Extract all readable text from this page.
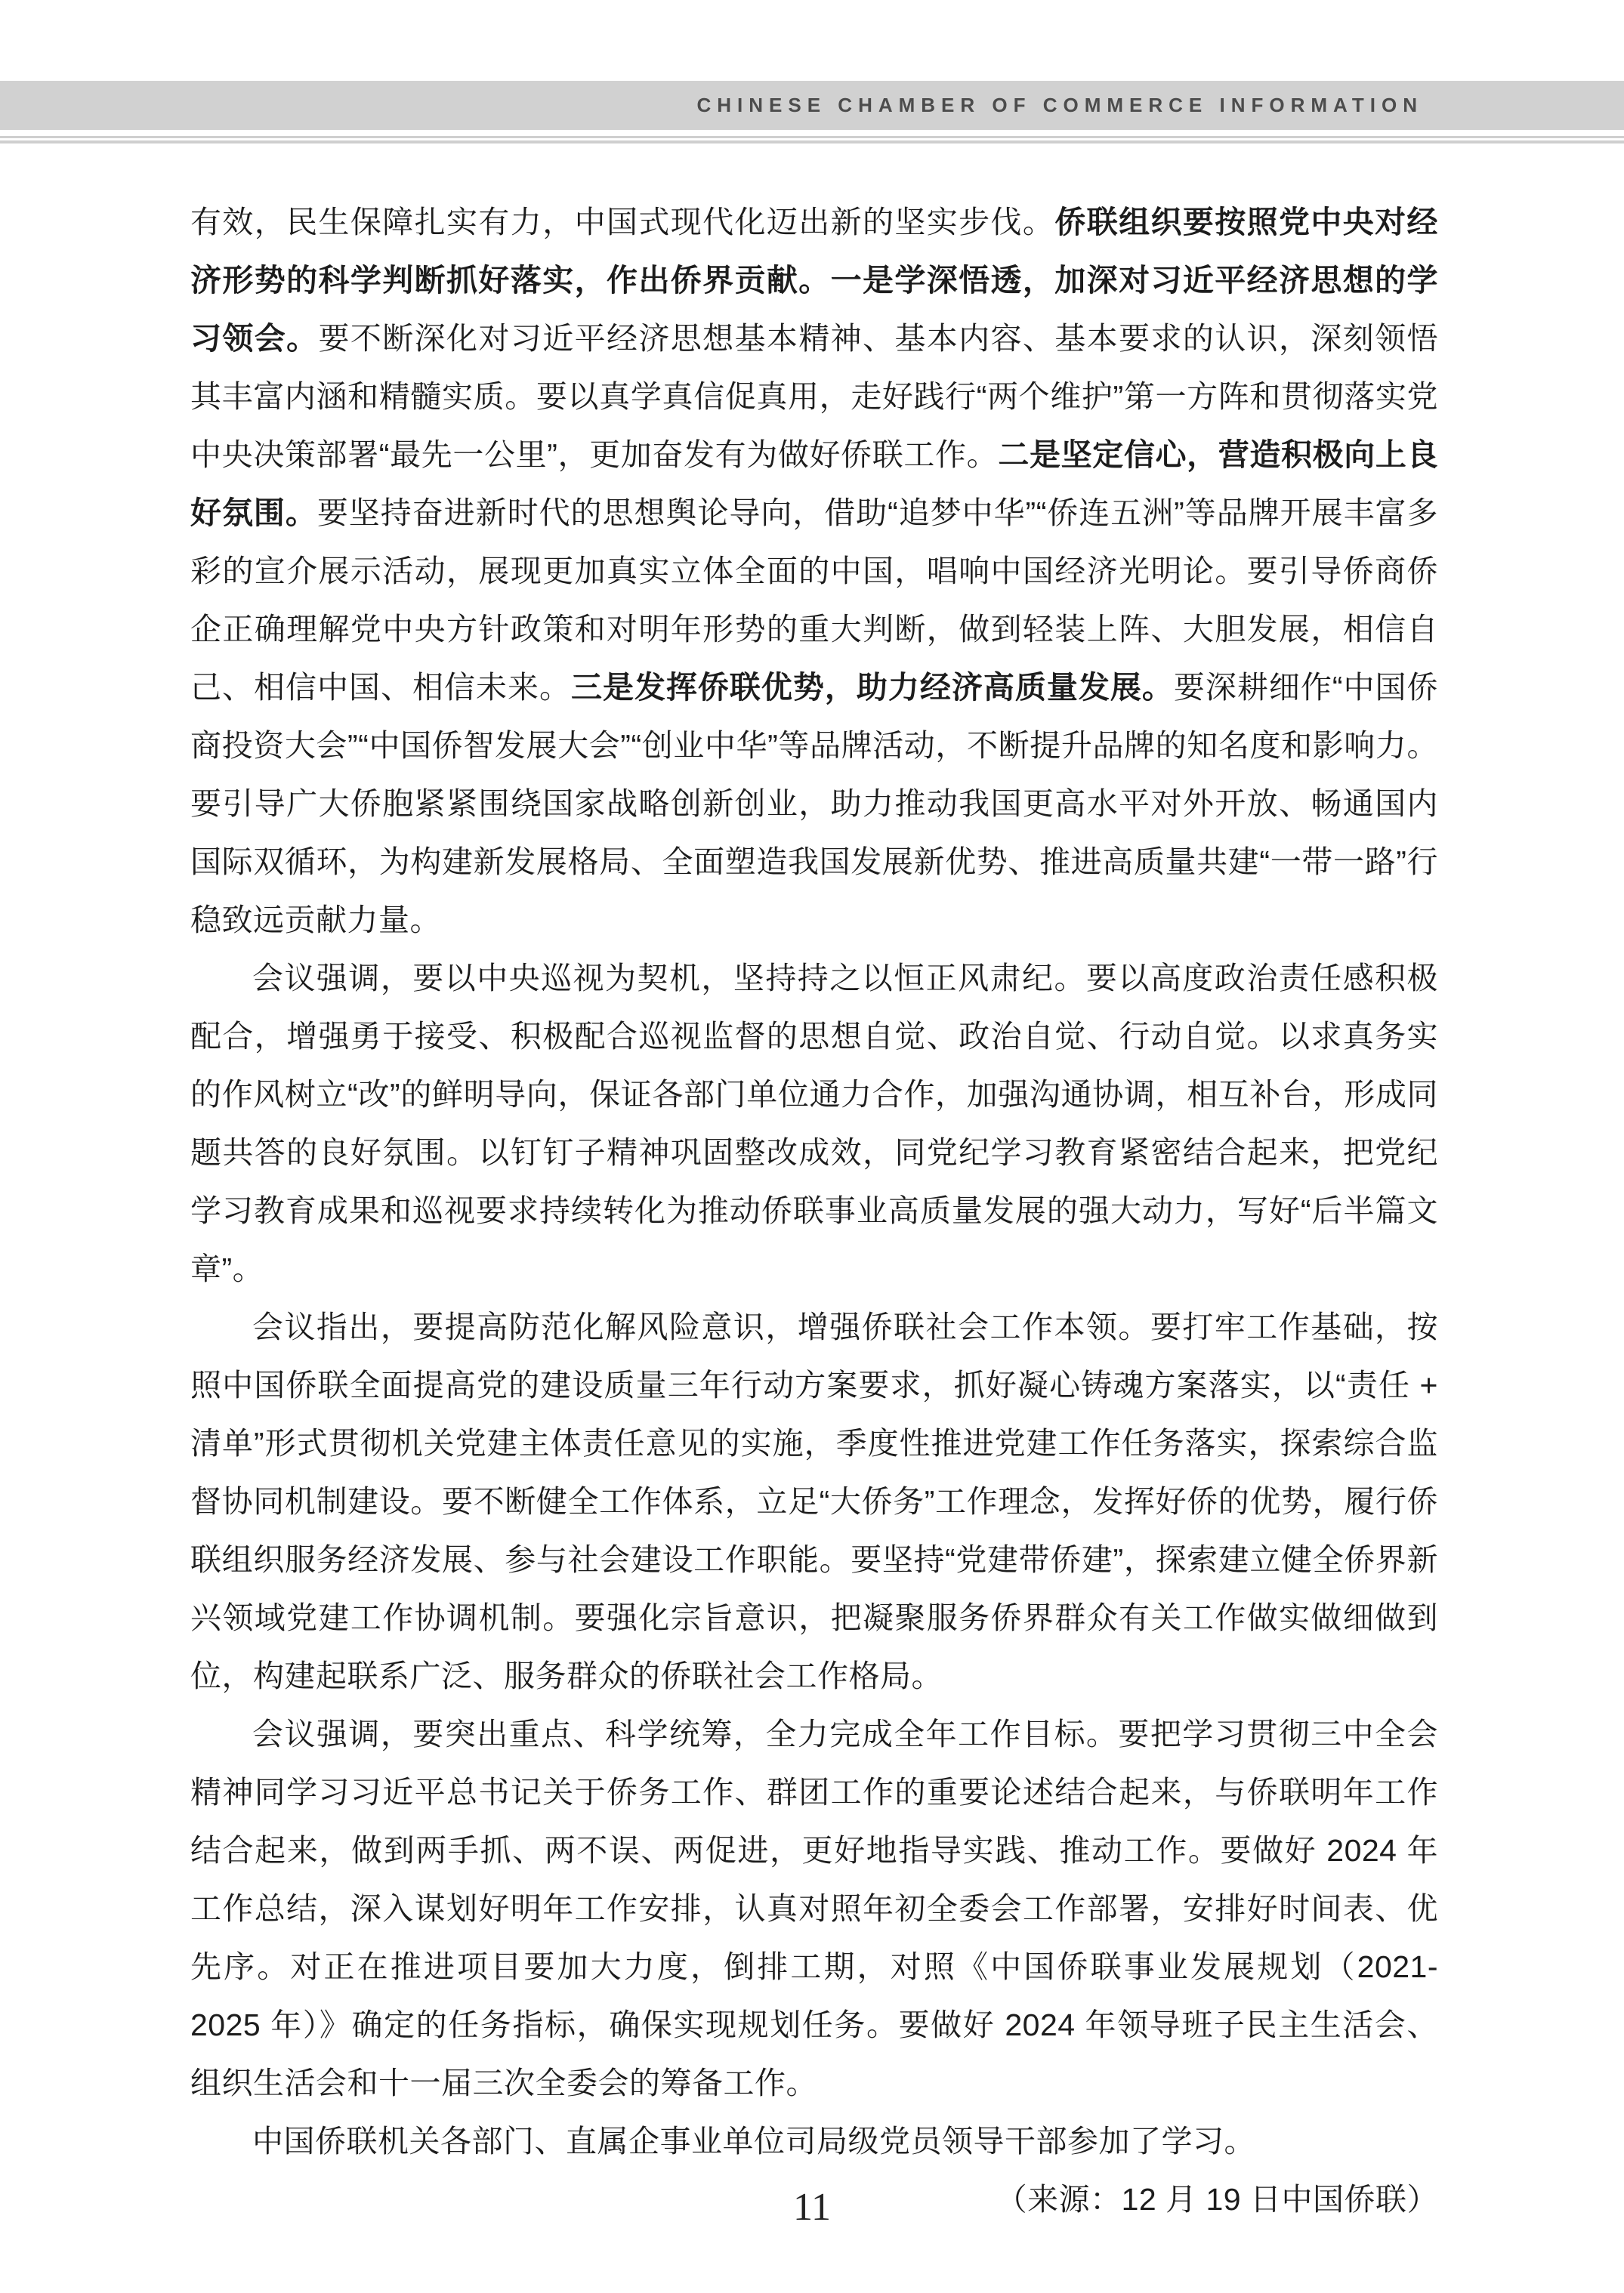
CHINESE CHAMBER OF COMMERCE INFORMATION

有效，民生保障扎实有力，中国式现代化迈出新的坚实步伐。侨联组织要按照党中央对经济形势的科学判断抓好落实，作出侨界贡献。一是学深悟透，加深对习近平经济思想的学习领会。要不断深化对习近平经济思想基本精神、基本内容、基本要求的认识，深刻领悟其丰富内涵和精髓实质。要以真学真信促真用，走好践行“两个维护”第一方阵和贯彻落实党中央决策部署“最先一公里”，更加奋发有为做好侨联工作。二是坚定信心，营造积极向上良好氛围。要坚持奋进新时代的思想舆论导向，借助“追梦中华”“侨连五洲”等品牌开展丰富多彩的宣介展示活动，展现更加真实立体全面的中国，唱响中国经济光明论。要引导侨商侨企正确理解党中央方针政策和对明年形势的重大判断，做到轻装上阵、大胆发展，相信自己、相信中国、相信未来。三是发挥侨联优势，助力经济高质量发展。要深耕细作“中国侨商投资大会”“中国侨智发展大会”“创业中华”等品牌活动，不断提升品牌的知名度和影响力。要引导广大侨胞紧紧围绕国家战略创新创业，助力推动我国更高水平对外开放、畅通国内国际双循环，为构建新发展格局、全面塑造我国发展新优势、推进高质量共建“一带一路”行稳致远贡献力量。

会议强调，要以中央巡视为契机，坚持持之以恒正风肃纪。要以高度政治责任感积极配合，增强勇于接受、积极配合巡视监督的思想自觉、政治自觉、行动自觉。以求真务实的作风树立“改”的鲜明导向，保证各部门单位通力合作，加强沟通协调，相互补台，形成同题共答的良好氛围。以钉钉子精神巩固整改成效，同党纪学习教育紧密结合起来，把党纪学习教育成果和巡视要求持续转化为推动侨联事业高质量发展的强大动力，写好“后半篇文章”。

会议指出，要提高防范化解风险意识，增强侨联社会工作本领。要打牢工作基础，按照中国侨联全面提高党的建设质量三年行动方案要求，抓好凝心铸魂方案落实，以“责任 + 清单”形式贯彻机关党建主体责任意见的实施，季度性推进党建工作任务落实，探索综合监督协同机制建设。要不断健全工作体系，立足“大侨务”工作理念，发挥好侨的优势，履行侨联组织服务经济发展、参与社会建设工作职能。要坚持“党建带侨建”，探索建立健全侨界新兴领域党建工作协调机制。要强化宗旨意识，把凝聚服务侨界群众有关工作做实做细做到位，构建起联系广泛、服务群众的侨联社会工作格局。

会议强调，要突出重点、科学统筹，全力完成全年工作目标。要把学习贯彻三中全会精神同学习习近平总书记关于侨务工作、群团工作的重要论述结合起来，与侨联明年工作结合起来，做到两手抓、两不误、两促进，更好地指导实践、推动工作。要做好 2024 年工作总结，深入谋划好明年工作安排，认真对照年初全委会工作部署，安排好时间表、优先序。对正在推进项目要加大力度，倒排工期，对照《中国侨联事业发展规划（2021-2025 年）》确定的任务指标，确保实现规划任务。要做好 2024 年领导班子民主生活会、组织生活会和十一届三次全委会的筹备工作。

中国侨联机关各部门、直属企事业单位司局级党员领导干部参加了学习。

（来源：12 月 19 日中国侨联）

11
